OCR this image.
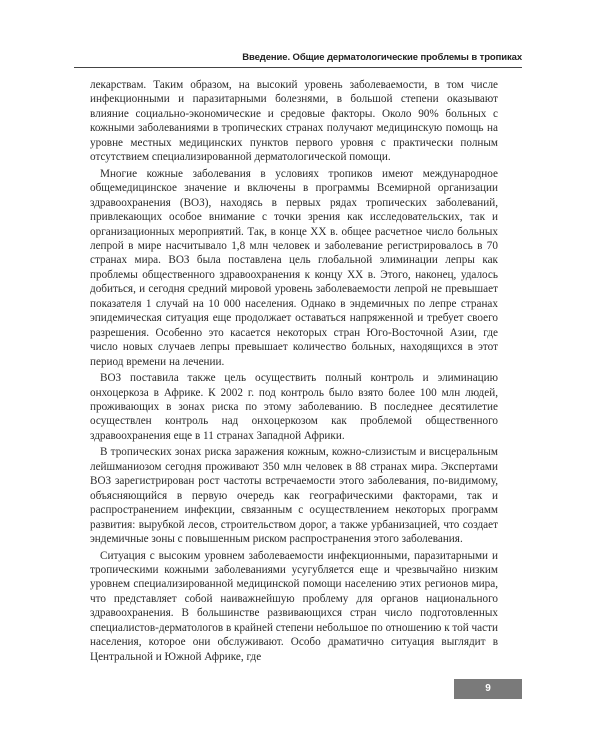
Введение. Общие дерматологические проблемы в тропиках

лекарствам. Таким образом, на высокий уровень заболеваемости, в том числе инфекционными и паразитарными болезнями, в большой степени оказывают влияние социально-экономические и средовые факторы. Около 90% больных с кожными заболеваниями в тропических странах получают медицинскую помощь на уровне местных медицинских пунктов первого уровня с практически полным отсутствием специализированной дерматологической помощи.

Многие кожные заболевания в условиях тропиков имеют международное общемедицинское значение и включены в программы Всемирной организации здравоохранения (ВОЗ), находясь в первых рядах тропических заболеваний, привлекающих особое внимание с точки зрения как исследовательских, так и организационных мероприятий. Так, в конце XX в. общее расчетное число больных лепрой в мире насчитывало 1,8 млн человек и заболевание регистрировалось в 70 странах мира. ВОЗ была поставлена цель глобальной элиминации лепры как проблемы общественного здравоохранения к концу XX в. Этого, наконец, удалось добиться, и сегодня средний мировой уровень заболеваемости лепрой не превышает показателя 1 случай на 10 000 населения. Однако в эндемичных по лепре странах эпидемическая ситуация еще продолжает оставаться напряженной и требует своего разрешения. Особенно это касается некоторых стран Юго-Восточной Азии, где число новых случаев лепры превышает количество больных, находящихся в этот период времени на лечении.

ВОЗ поставила также цель осуществить полный контроль и элиминацию онхоцеркоза в Африке. К 2002 г. под контроль было взято более 100 млн людей, проживающих в зонах риска по этому заболеванию. В последнее десятилетие осуществлен контроль над онхоцеркозом как проблемой общественного здравоохранения еще в 11 странах Западной Африки.

В тропических зонах риска заражения кожным, кожно-слизистым и висцеральным лейшманиозом сегодня проживают 350 млн человек в 88 странах мира. Экспертами ВОЗ зарегистрирован рост частоты встречаемости этого заболевания, по-видимому, объясняющийся в первую очередь как географическими факторами, так и распространением инфекции, связанным с осуществлением некоторых программ развития: вырубкой лесов, строительством дорог, а также урбанизацией, что создает эндемичные зоны с повышенным риском распространения этого заболевания.

Ситуация с высоким уровнем заболеваемости инфекционными, паразитарными и тропическими кожными заболеваниями усугубляется еще и чрезвычайно низким уровнем специализированной медицинской помощи населению этих регионов мира, что представляет собой наиважнейшую проблему для органов национального здравоохранения. В большинстве развивающихся стран число подготовленных специалистов-дерматологов в крайней степени небольшое по отношению к той части населения, которое они обслуживают. Особо драматично ситуация выглядит в Центральной и Южной Африке, где

9
